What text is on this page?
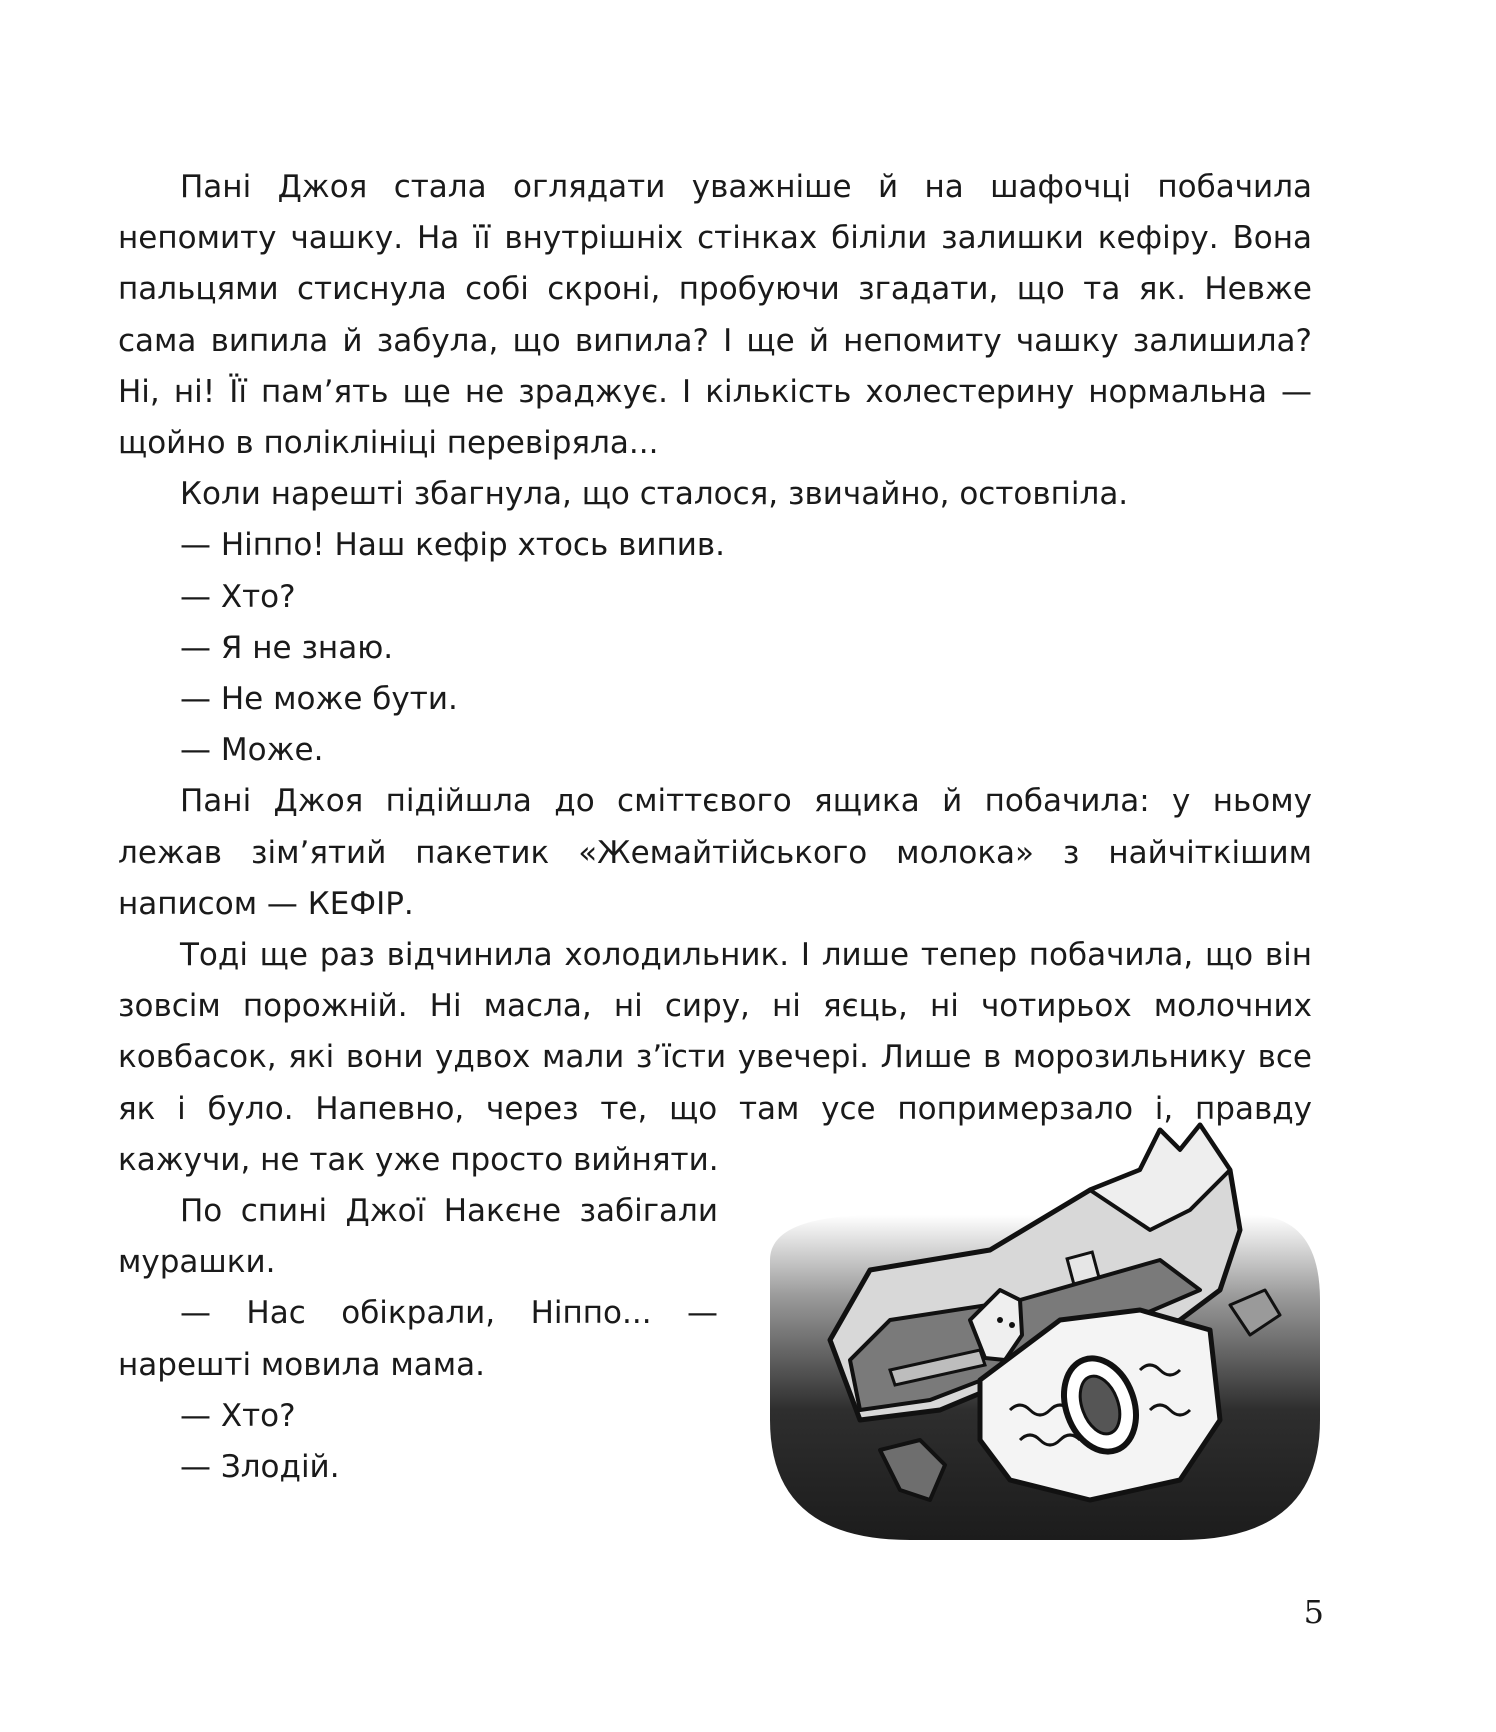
Пані Джоя стала оглядати уважніше й на шафочці побачила непомиту чашку. На її внутрішніх стінках біліли залишки кефіру. Вона пальцями стиснула собі скроні, пробуючи згадати, що та як. Невже сама випила й забула, що випила? І ще й непомиту чашку залишила? Ні, ні! Її пам’ять ще не зраджує. І кількість холестерину нормальна — щойно в поліклініці перевіряла...

Коли нарешті збагнула, що сталося, звичайно, остовпіла.

— Ніппо! Наш кефір хтось випив.

— Хто?

— Я не знаю.

— Не може бути.

— Може.

Пані Джоя підійшла до сміттєвого ящика й побачила: у ньому лежав зім’ятий пакетик «Жемайтійського молока» з найчіткішим написом — КЕФІР.

Тоді ще раз відчинила холодильник. І лише тепер побачила, що він зовсім порожній. Ні масла, ні сиру, ні яєць, ні чотирьох молочних ковбасок, які вони удвох мали з’їсти увечері. Лише в морозильнику все як і було. Напевно, через те, що там усе попримерзало і, правду кажучи, не так уже просто вийняти.

По спині Джої Накєне забігали мурашки.

— Нас обікрали, Ніппо... — нарешті мовила мама.

— Хто?

— Злодій.

5
